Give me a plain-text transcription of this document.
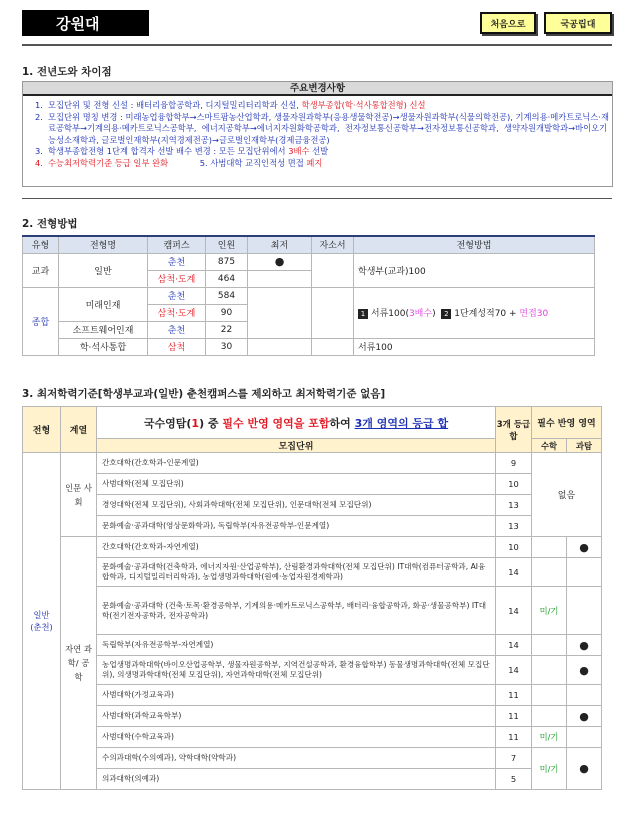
강원대	처음으로	국공립대
1. 전년도와 차이점
주요변경사항
1. 모집단위 및 전형 신설 : 배터리융합공학과, 디지털밀리터리학과 신설, 학생부종합(학·석사통합전형) 신설
2. 모집단위 명칭 변경 : 미래농업융합학부→스마트팜농산업학과, 생물자원과학부(응용생물학전공)→생물자원과학부(식물의학전공), 기계의용·메카트로닉스·재료공학부→기계의용·메카트로닉스공학부,  에너지공학부→에너지자원화학공학과,  전자정보통신공학부→전자정보통신공학과,  생약자원개발학과→바이오기능성소재학과, 글로벌인재학부(지역경제전공)→글로벌인재학부(경제금융전공)
3. 학생부종합전형 1단계 합격자 선발 배수 변경 : 모든 모집단위에서 3배수 선발
4. 수능최저학력기준 등급 일부 완화	5. 사범대학 교직인적성 면접 폐지
2. 전형방법
유형	전형명	캠퍼스	인원	최저	자소서	전형방법
교과	일반	춘천	875	●		학생부(교과)100
		삼척·도계	464			
종합	미래인재	춘천	584			1 서류100(3배수) 2 1단계성적70 + 면접30
		삼척·도계	90			
	소프트웨어인재	춘천	22			
	학·석사통합	삼척	30			서류100
3. 최저학력기준[학생부교과(일반) 춘천캠퍼스를 제외하고 최저학력기준 없음]
전형	계열	국수영탐(1) 중 필수 반영 영역을 포함하여 3개 영역의 등급 합	3개 등급합	필수 반영 영역	
		모집단위		수학	과탐
일반
(춘천)	인문 사회	간호대학(간호학과-인문계열)	9	없음	
		사범대학(전체 모집단위)	10		
		경영대학(전체 모집단위), 사회과학대학(전체 모집단위), 인문대학(전체 모집단위)	13		
		문화예술·공과대학(영상문화학과), 독립학부(자유전공학부-인문계열)	13		
	자연 과학/ 공학	간호대학(간호학과-자연계열)	10		●
		문화예술·공과대학(건축학과, 에너지자원·산업공학부), 산림환경과학대학(전체 모집단위) IT대학(컴퓨터공학과, AI융합학과, 디지털밀리터리학과), 농업생명과학대학(원예·농업자원경제학과)	14		
		문화예술·공과대학 (건축·토목·환경공학부, 기계의용·메카트로닉스공학부, 배터리·융합공학과, 화공·생물공학부) IT대학(전기전자공학과, 전자공학과)	14	미/기	
		독립학부(자유전공학부-자연계열)	14		●
		농업생명과학대학(바이오산업공학부, 생물자원공학부, 지역건설공학과, 환경융합학부) 동물생명과학대학(전체 모집단위), 의생명과학대학(전체 모집단위), 자연과학대학(전체 모집단위)	14		●
		사범대학(가정교육과)	11		
		사범대학(과학교육학부)	11		●
		사범대학(수학교육과)	11	미/기	
		수의과대학(수의예과), 약학대학(약학과)	7	미/기	●
		의과대학(의예과)	5		
